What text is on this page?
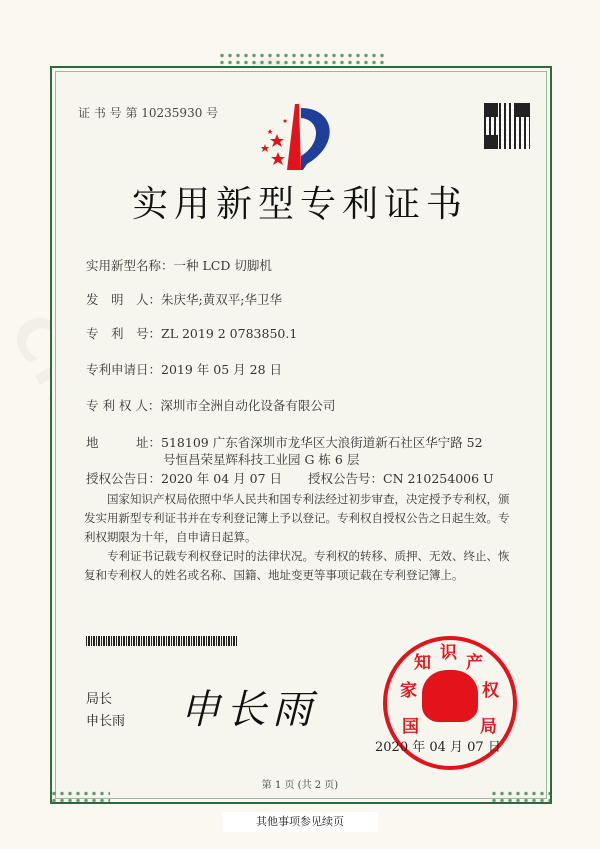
证 书 号 第 10235930 号
实用新型专利证书
实用新型名称：一种 LCD 切脚机
发　明　人：朱庆华;黄双平;华卫华
专　利　号：ZL 2019 2 0783850.1
专利申请日：2019 年 05 月 28 日
专 利 权 人：深圳市全洲自动化设备有限公司
地　　　址：518109 广东省深圳市龙华区大浪街道新石社区华宁路 52
号恒昌荣星辉科技工业园 G 栋 6 层
授权公告日：2020 年 04 月 07 日 授权公告号：CN 210254006 U
国家知识产权局依照中华人民共和国专利法经过初步审查，决定授予专利权，颁发实用新型专利证书并在专利登记簿上予以登记。专利权自授权公告之日起生效。专利权期限为十年，自申请日起算。
专利证书记载专利权登记时的法律状况。专利权的转移、质押、无效、终止、恢复和专利权人的姓名或名称、国籍、地址变更等事项记载在专利登记簿上。
局长
申长雨 申长雨	国
家
知 识 产
权
局
2020 年 04 月 07 日
第 1 页 (共 2 页)
其他事项参见续页
